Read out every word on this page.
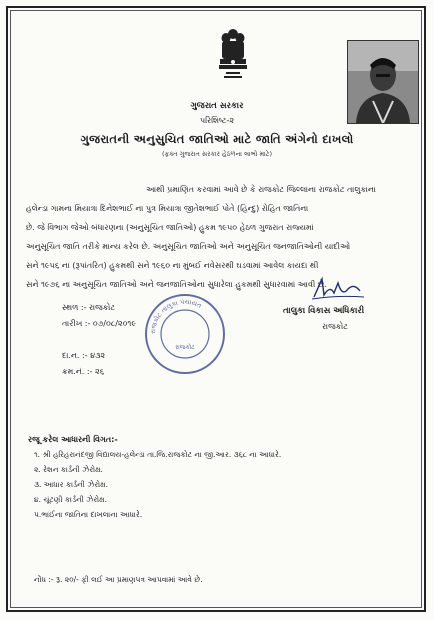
ગુજરાત સરકાર
પરિશિષ્ટ-૨
ગુજરાતની અનુસુચિત જાતિઓ માટે જાતિ અંગેનો દાખલો
(ફક્ત ગુજરાત સરકાર હેઠળના લાભો માટે)
આથી પ્રમાણિત કરવામાં આવે છે કે રાજકોટ જિલ્લાના રાજકોટ તાલુકાના
હલેન્ડા ગામના મિયાત્રા દિનેશભાઈ ના પુત્ર મિયાત્રા જીતેશભાઈ પોતે (હિન્દુ) રોહિત જાતિના
છે. જે વિભાગ જેઓ બંધારણના (અનુસૂચિત જાતિઓ) હુકમ ૧૯૫૦ હેઠળ ગુજરાત રાજ્યમાં
અનુસૂચિત જાતિ તરીકે માન્ય કરેલ છે. અનુસૂચિત જાતિઓ અને અનુસૂચિત જનજાતિઓની યાદીઓ
સને ૧૯૫૬ ના (રૂપાંતરિત) હુકમથી સને ૧૯૬૦ ના મુંબઈ નવેસરથી ઘડવામાં આવેલ કાયદા થી
સને ૧૯૭૬ ના અનુસૂચિત જાતિઓ અને જનજાતિઓના સુધારેલા હુકમથી સુધારવામાં આવી છે.
સ્થળ :- રાજકોટ
તારીખ :- ૦૭/૦૮/૨૦૧૯
દા.ન. :- ૪૩૨
ક્રમ.નં. :- ૨૬
તાલુકા વિકાસ અધિકારી
રાજકોટ
રાજકોટ તાલુકા પંચાયત
રાજકોટ
રજૂ કરેલ આધારની વિગત:-
૧. શ્રી હરિહરાનંદજી વિદ્યાલય-હલેન્ડા તા.જિ.રાજકોટ ના જી.આર. ૩૬૮ ના આધારે.
૨. રેશન કાર્ડની ઝેરોક્ષ.
૩. આધાર કાર્ડની ઝેરોક્ષ.
૪. ચૂંટણી કાર્ડની ઝેરોક્ષ.
૫.ભાઈના જાતિના દાખલાના આધારે.
નોંધ :- રૂ. ૨૦/- ફી લઈ આ પ્રમાણપત્ર આપવામાં આવે છે.
